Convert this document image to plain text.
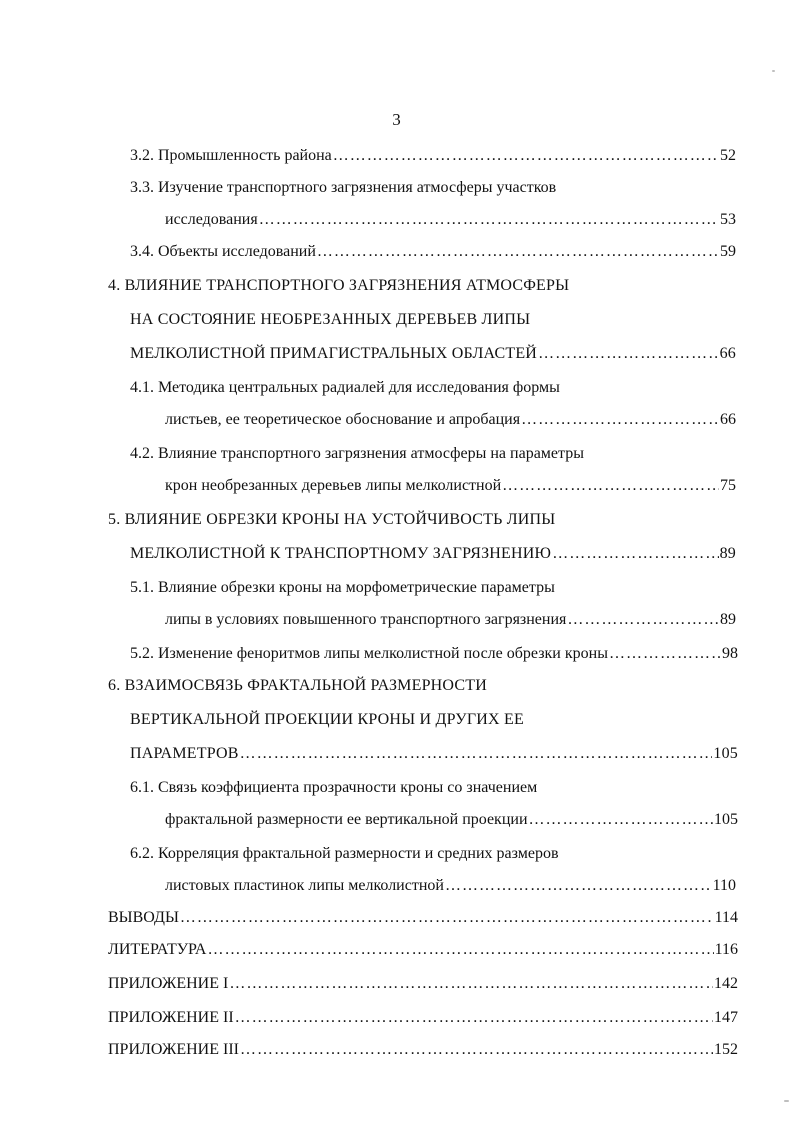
3
3.2. Промышленность района …………………………………………………………………………………………………………………………………………………………………………………………………………	52
3.3. Изучение транспортного загрязнения атмосферы участков
исследования …………………………………………………………………………………………………………………………………………………………………………………………………………	53
3.4. Объекты исследований …………………………………………………………………………………………………………………………………………………………………………………………………………	59
4. ВЛИЯНИЕ ТРАНСПОРТНОГО ЗАГРЯЗНЕНИЯ АТМОСФЕРЫ
НА СОСТОЯНИЕ НЕОБРЕЗАННЫХ ДЕРЕВЬЕВ ЛИПЫ
МЕЛКОЛИСТНОЙ ПРИМАГИСТРАЛЬНЫХ ОБЛАСТЕЙ …………………………………………………………………………………………………………………………………………………………………………………………………………	66
4.1. Методика центральных радиалей для исследования формы
листьев, ее теоретическое обоснование и апробация …………………………………………………………………………………………………………………………………………………………………………………………………………	66
4.2. Влияние транспортного загрязнения атмосферы на параметры
крон необрезанных деревьев липы мелколистной …………………………………………………………………………………………………………………………………………………………………………………………………………	75
5. ВЛИЯНИЕ ОБРЕЗКИ КРОНЫ НА УСТОЙЧИВОСТЬ ЛИПЫ
МЕЛКОЛИСТНОЙ К ТРАНСПОРТНОМУ ЗАГРЯЗНЕНИЮ …………………………………………………………………………………………………………………………………………………………………………………………………………	89
5.1. Влияние обрезки кроны на морфометрические параметры
липы в условиях повышенного транспортного загрязнения …………………………………………………………………………………………………………………………………………………………………………………………………………	89
5.2. Изменение феноритмов липы мелколистной после обрезки кроны …………………………………………………………………………………………………………………………………………………………………………………………………………	98
6. ВЗАИМОСВЯЗЬ ФРАКТАЛЬНОЙ РАЗМЕРНОСТИ
ВЕРТИКАЛЬНОЙ ПРОЕКЦИИ КРОНЫ И ДРУГИХ ЕЕ
ПАРАМЕТРОВ …………………………………………………………………………………………………………………………………………………………………………………………………………	105
6.1. Связь коэффициента прозрачности кроны со значением
фрактальной размерности ее вертикальной проекции …………………………………………………………………………………………………………………………………………………………………………………………………………	105
6.2. Корреляция фрактальной размерности и средних размеров
листовых пластинок липы мелколистной …………………………………………………………………………………………………………………………………………………………………………………………………………	110
ВЫВОДЫ …………………………………………………………………………………………………………………………………………………………………………………………………………	114
ЛИТЕРАТУРА …………………………………………………………………………………………………………………………………………………………………………………………………………	116
ПРИЛОЖЕНИЕ I …………………………………………………………………………………………………………………………………………………………………………………………………………	142
ПРИЛОЖЕНИЕ II …………………………………………………………………………………………………………………………………………………………………………………………………………	147
ПРИЛОЖЕНИЕ III …………………………………………………………………………………………………………………………………………………………………………………………………………	152
